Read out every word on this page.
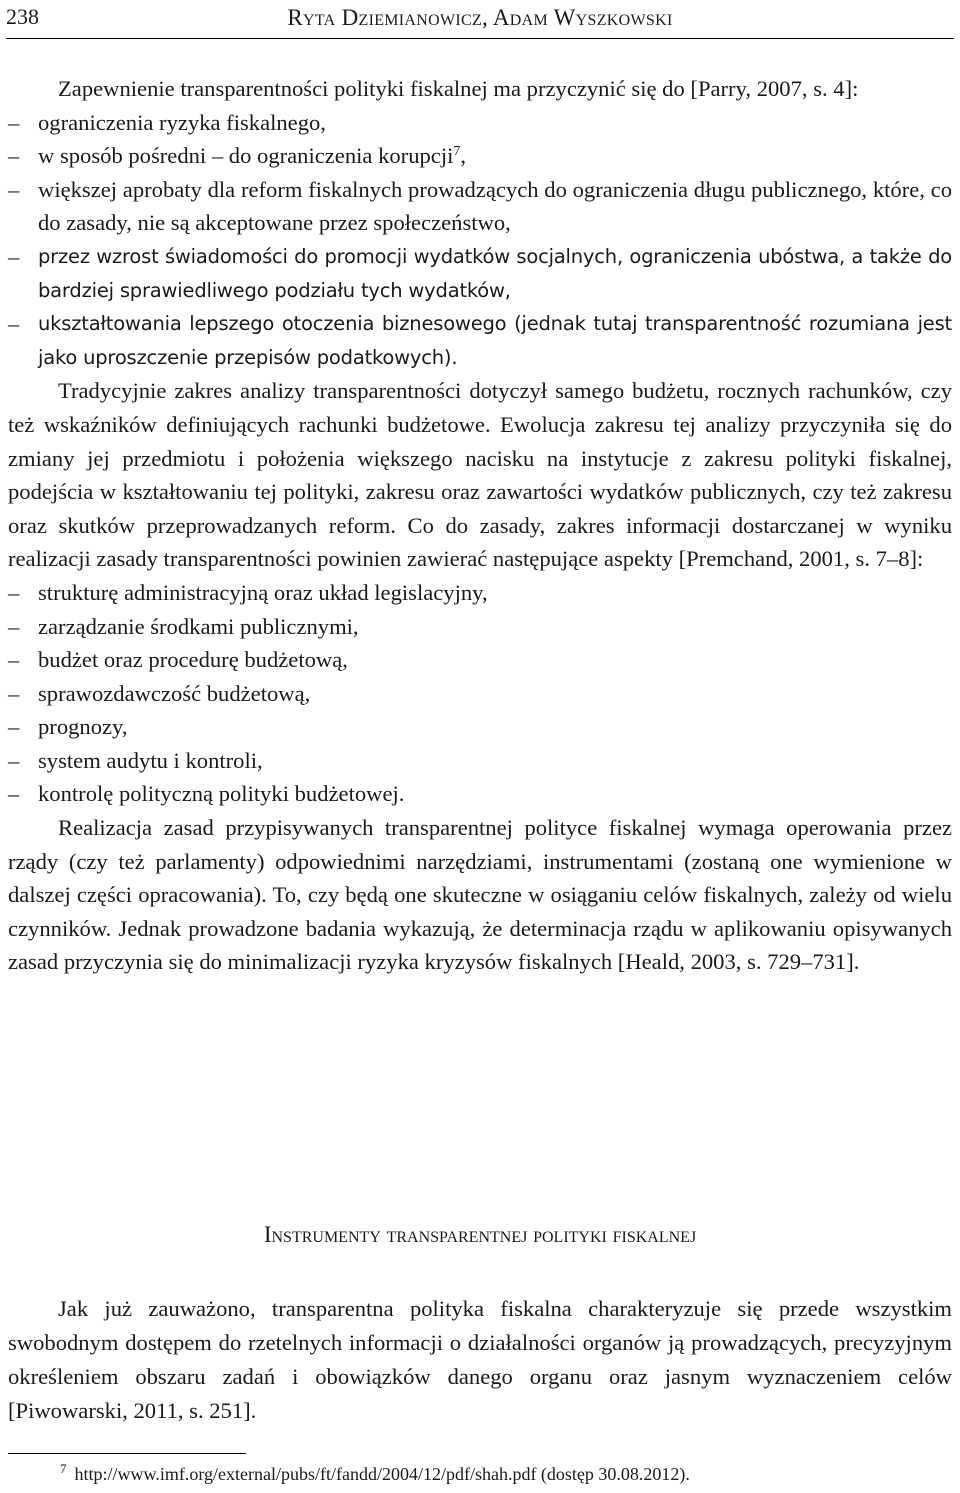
238	Ryta Dziemianowicz, Adam Wyszkowski

Zapewnienie transparentności polityki fiskalnej ma przyczynić się do [Parry, 2007, s. 4]:

– ograniczenia ryzyka fiskalnego,
– w sposób pośredni – do ograniczenia korupcji$^7$,
– większej aprobaty dla reform fiskalnych prowadzących do ograniczenia długu publicznego, które, co do zasady, nie są akceptowane przez społeczeństwo,
– przez wzrost świadomości do promocji wydatków socjalnych, ograniczenia ubóstwa, a także do bardziej sprawiedliwego podziału tych wydatków,
– ukształtowania lepszego otoczenia biznesowego (jednak tutaj transparentność rozumiana jest jako uproszczenie przepisów podatkowych).

Tradycyjnie zakres analizy transparentności dotyczył samego budżetu, rocznych rachunków, czy też wskaźników definiujących rachunki budżetowe. Ewolucja zakresu tej analizy przyczyniła się do zmiany jej przedmiotu i położenia większego nacisku na instytucje z zakresu polityki fiskalnej, podejścia w kształtowaniu tej polityki, zakresu oraz zawartości wydatków publicznych, czy też zakresu oraz skutków przeprowadzanych reform. Co do zasady, zakres informacji dostarczanej w wyniku realizacji zasady transparentności powinien zawierać następujące aspekty [Premchand, 2001, s. 7–8]:

– strukturę administracyjną oraz układ legislacyjny,
– zarządzanie środkami publicznymi,
– budżet oraz procedurę budżetową,
– sprawozdawczość budżetową,
– prognozy,
– system audytu i kontroli,
– kontrolę polityczną polityki budżetowej.

Realizacja zasad przypisywanych transparentnej polityce fiskalnej wymaga operowania przez rządy (czy też parlamenty) odpowiednimi narzędziami, instrumentami (zostaną one wymienione w dalszej części opracowania). To, czy będą one skuteczne w osiąganiu celów fiskalnych, zależy od wielu czynników. Jednak prowadzone badania wykazują, że determinacja rządu w aplikowaniu opisywanych zasad przyczynia się do minimalizacji ryzyka kryzysów fiskalnych [Heald, 2003, s. 729–731].

Instrumenty transparentnej polityki fiskalnej

Jak już zauważono, transparentna polityka fiskalna charakteryzuje się przede wszystkim swobodnym dostępem do rzetelnych informacji o działalności organów ją prowadzących, precyzyjnym określeniem obszaru zadań i obowiązków danego organu oraz jasnym wyznaczeniem celów [Piwowarski, 2011, s. 251].

$^7$ http://www.imf.org/external/pubs/ft/fandd/2004/12/pdf/shah.pdf (dostęp 30.08.2012).
